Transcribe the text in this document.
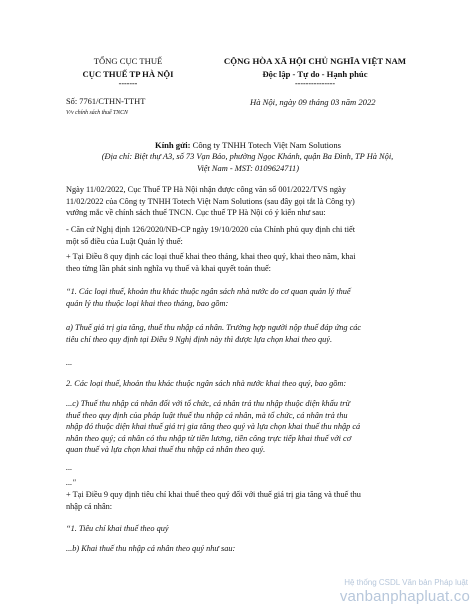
TỔNG CỤC THUẾ
CỤC THUẾ TP HÀ NỘI
-------
CỘNG HÒA XÃ HỘI CHỦ NGHĨA VIỆT NAM
Độc lập - Tự do - Hạnh phúc
---------------
Số: 7761/CTHN-TTHT
V/v chính sách thuế TNCN
Hà Nội, ngày 09 tháng 03 năm 2022
Kính gửi: Công ty TNHH Totech Việt Nam Solutions
(Địa chỉ: Biệt thự A3, số 73 Vạn Bảo, phường Ngọc Khánh, quận Ba Đình, TP Hà Nội,
Việt Nam - MST: 0109624711)
Ngày 11/02/2022, Cục Thuế TP Hà Nội nhận được công văn số 001/2022/TVS ngày
11/02/2022 của Công ty TNHH Totech Việt Nam Solutions (sau đây gọi tắt là Công ty)
vướng mắc về chính sách thuế TNCN. Cục thuế TP Hà Nội có ý kiến như sau:
- Căn cứ Nghị định 126/2020/NĐ-CP ngày 19/10/2020 của Chính phủ quy định chi tiết
một số điều của Luật Quản lý thuế:
+ Tại Điều 8 quy định các loại thuế khai theo tháng, khai theo quý, khai theo năm, khai
theo từng lần phát sinh nghĩa vụ thuế và khai quyết toán thuế:
“1. Các loại thuế, khoản thu khác thuộc ngân sách nhà nước do cơ quan quản lý thuế
quản lý thu thuộc loại khai theo tháng, bao gồm:
a) Thuế giá trị gia tăng, thuế thu nhập cá nhân. Trường hợp người nộp thuế đáp ứng các
tiêu chí theo quy định tại Điều 9 Nghị định này thì được lựa chọn khai theo quý.
...
2. Các loại thuế, khoản thu khác thuộc ngân sách nhà nước khai theo quý, bao gồm:
...c) Thuế thu nhập cá nhân đối với tổ chức, cá nhân trả thu nhập thuộc diện khấu trừ
thuế theo quy định của pháp luật thuế thu nhập cá nhân, mà tổ chức, cá nhân trả thu
nhập đó thuộc diện khai thuế giá trị gia tăng theo quý và lựa chọn khai thuế thu nhập cá
nhân theo quý; cá nhân có thu nhập từ tiền lương, tiền công trực tiếp khai thuế với cơ
quan thuế và lựa chọn khai thuế thu nhập cá nhân theo quý.
...
..."
+ Tại Điều 9 quy định tiêu chí khai thuế theo quý đối với thuế giá trị gia tăng và thuế thu
nhập cá nhân:
“1. Tiêu chí khai thuế theo quý
...b) Khai thuế thu nhập cá nhân theo quý như sau:
Hệ thống CSDL Văn bản Pháp luật
vanbanphapluat.co
